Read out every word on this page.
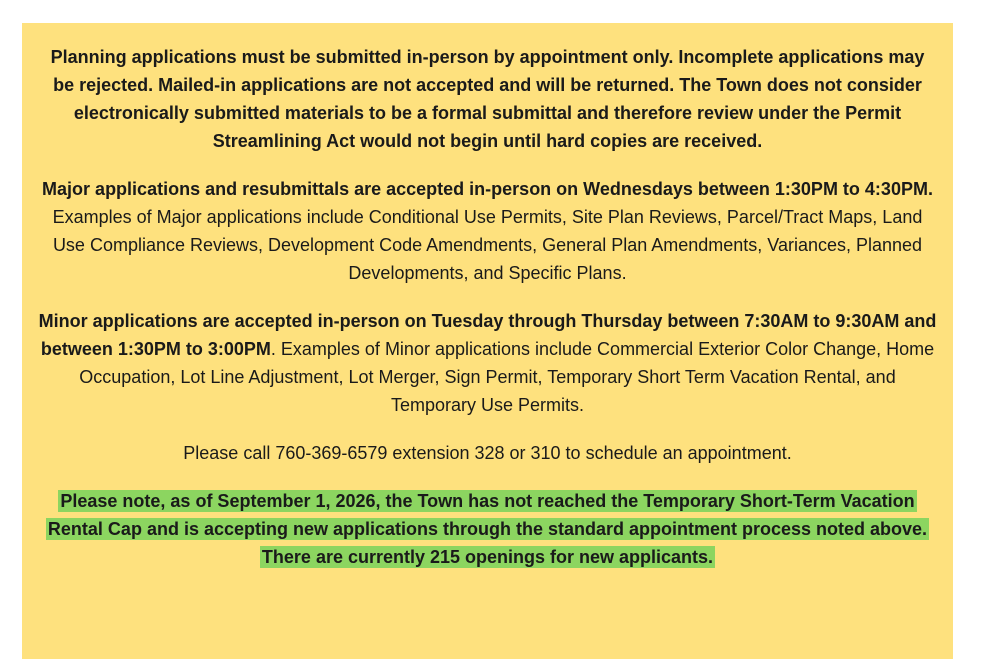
Planning applications must be submitted in-person by appointment only. Incomplete applications may be rejected. Mailed-in applications are not accepted and will be returned. The Town does not consider electronically submitted materials to be a formal submittal and therefore review under the Permit Streamlining Act would not begin until hard copies are received.

Major applications and resubmittals are accepted in-person on Wednesdays between 1:30PM to 4:30PM. Examples of Major applications include Conditional Use Permits, Site Plan Reviews, Parcel/Tract Maps, Land Use Compliance Reviews, Development Code Amendments, General Plan Amendments, Variances, Planned Developments, and Specific Plans.

Minor applications are accepted in-person on Tuesday through Thursday between 7:30AM to 9:30AM and between 1:30PM to 3:00PM. Examples of Minor applications include Commercial Exterior Color Change, Home Occupation, Lot Line Adjustment, Lot Merger, Sign Permit, Temporary Short Term Vacation Rental, and Temporary Use Permits.

Please call 760-369-6579 extension 328 or 310 to schedule an appointment.

Please note, as of September 1, 2026, the Town has not reached the Temporary Short-Term Vacation Rental Cap and is accepting new applications through the standard appointment process noted above. There are currently 215 openings for new applicants.
